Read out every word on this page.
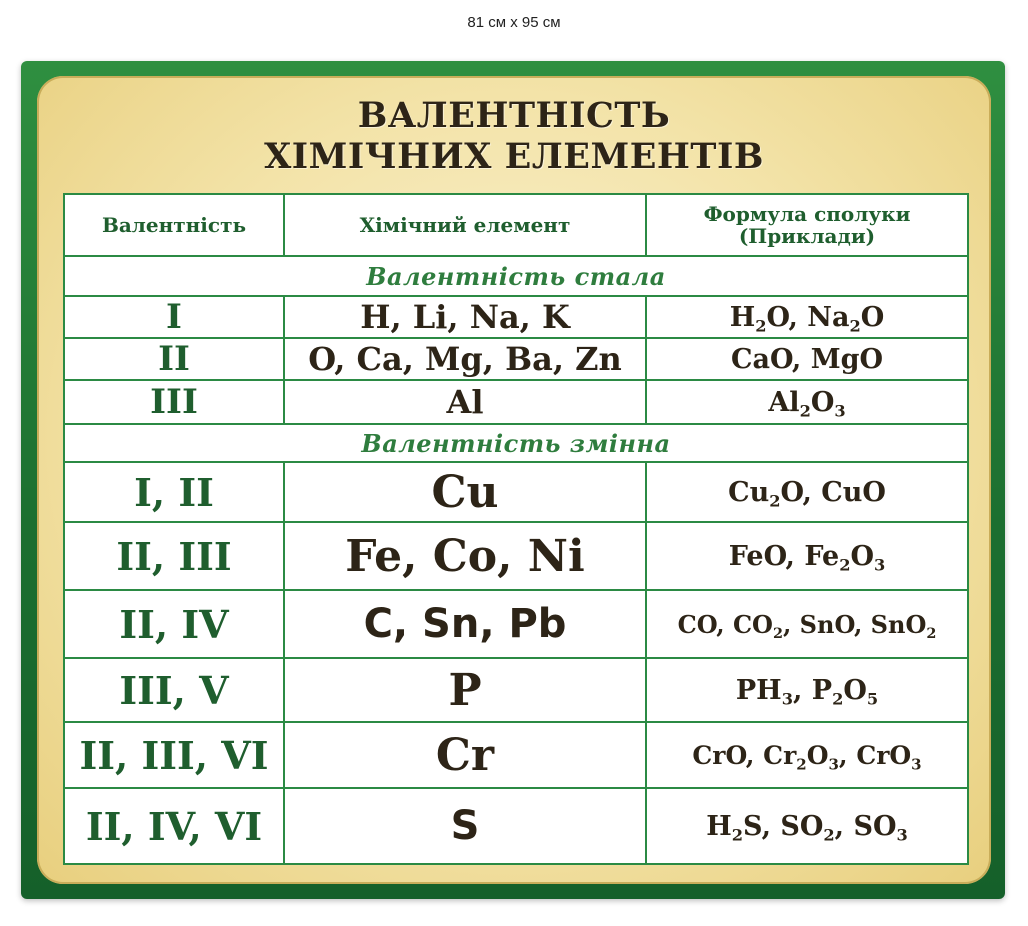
81 см x 95 см
ВАЛЕНТНІСТЬ
ХІМІЧНИХ ЕЛЕМЕНТІВ
Валентність	Хімічний елемент	Формула сполуки
(Приклади)

Валентність стала		
I	H, Li, Na, K	$H_2O$, $Na_2O$
II	O, Ca, Mg, Ba, Zn	CaO, MgO
III	Al	$Al_2O_3$
Валентність змінна		
I, II	Cu	$Cu_2O$, CuO
II, III	Fe, Co, Ni	FeO, $Fe_2O_3$
II, IV	C, Sn, Pb	CO, $CO_2$, SnO, SnO$_2$
III, V	P	$PH_3$, $P_2O_5$
II, III, VI	Cr	CrO, $Cr_2O_3$, CrO$_3$
II, IV, VI	S	$H_2S$, $SO_2$, $SO_3$
